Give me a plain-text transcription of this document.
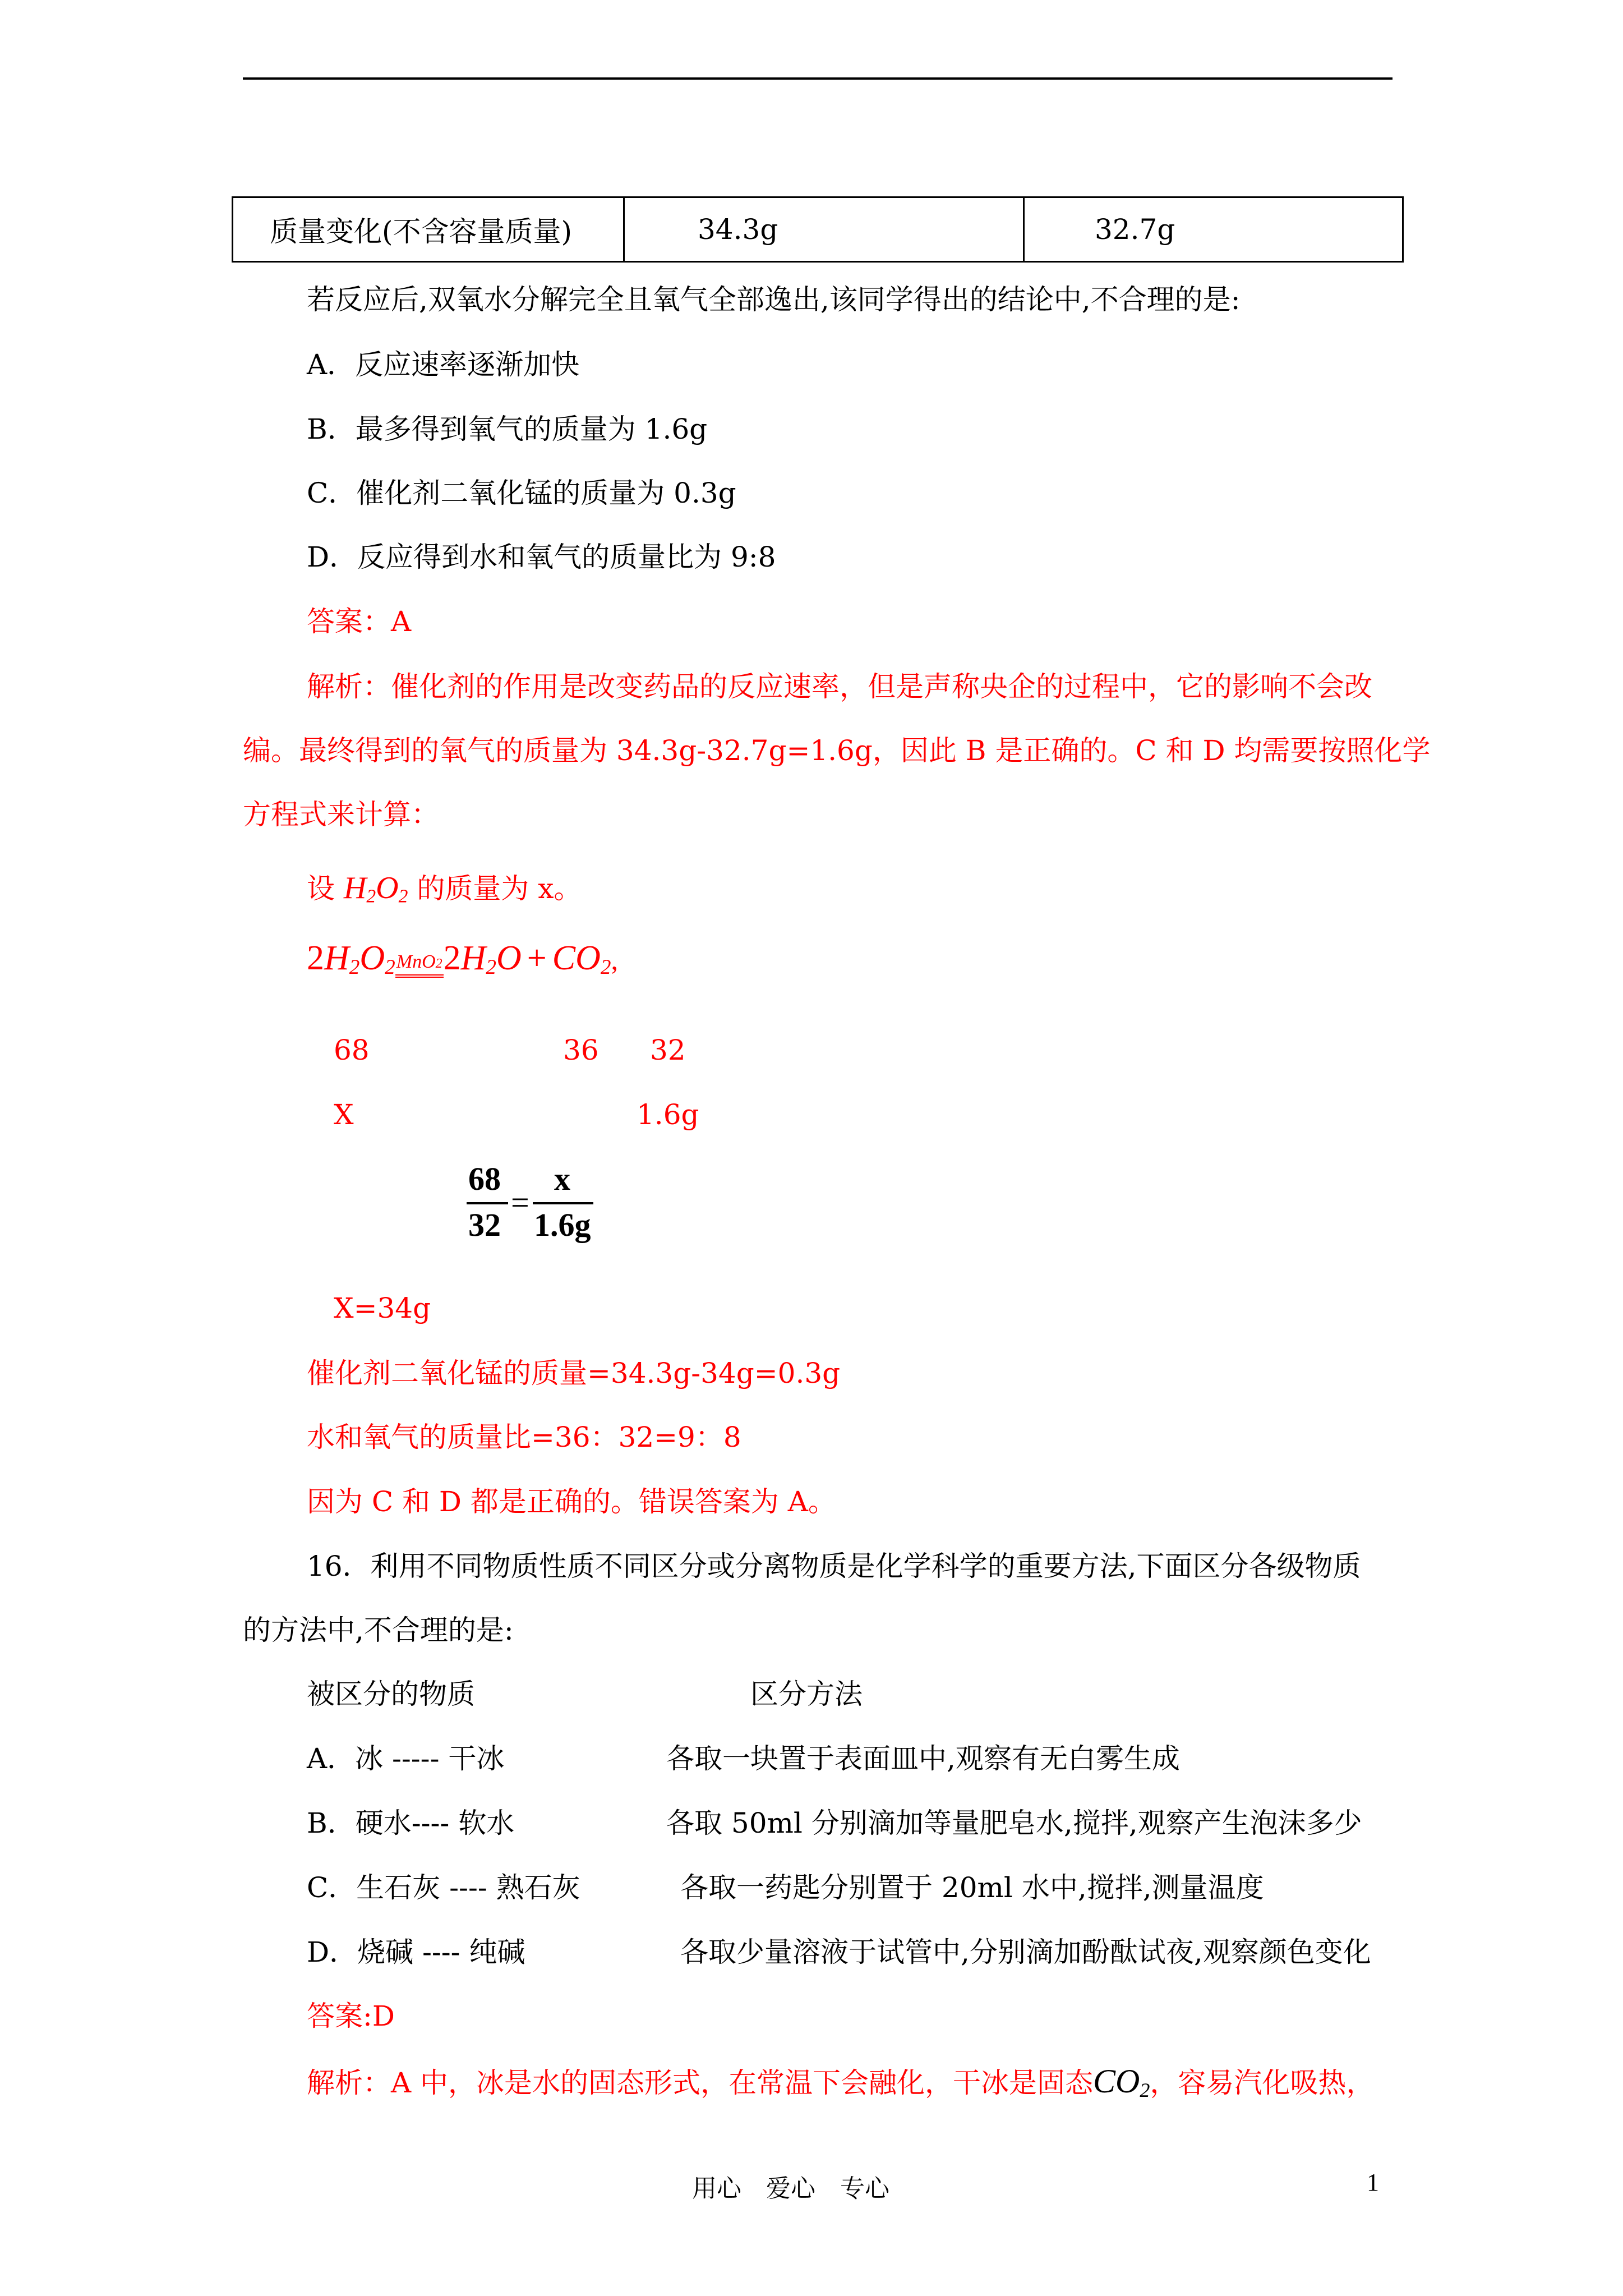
质量变化(不含容量质量)	34.3g	32.7g
若反应后,双氧水分解完全且氧气全部逸出,该同学得出的结论中,不合理的是:
A．反应速率逐渐加快
B．最多得到氧气的质量为 1.6g
C．催化剂二氧化锰的质量为 0.3g
D．反应得到水和氧气的质量比为 9:8
答案：A
解析：催化剂的作用是改变药品的反应速率，但是声称央企的过程中，它的影响不会改
编。最终得到的氧气的质量为 34.3g-32.7g=1.6g，因此 B 是正确的。C 和 D 均需要按照化学
方程式来计算：
设 $H_2O_2$ 的质量为 x。
$2H_2O_2MnO22H_2O + CO_2$,
68	36 32
X	1.6g
68
32
=
x
1.6g
X=34g
催化剂二氧化锰的质量=34.3g-34g=0.3g
水和氧气的质量比=36：32=9：8
因为 C 和 D 都是正确的。错误答案为 A。
16．利用不同物质性质不同区分或分离物质是化学科学的重要方法,下面区分各级物质
的方法中,不合理的是:
被区分的物质	区分方法
A．冰 ----- 干冰	各取一块置于表面皿中,观察有无白雾生成
B．硬水---- 软水	各取 50ml 分别滴加等量肥皂水,搅拌,观察产生泡沫多少
C．生石灰 ---- 熟石灰	各取一药匙分别置于 20ml 水中,搅拌,测量温度
D．烧碱 ---- 纯碱	各取少量溶液于试管中,分别滴加酚酞试夜,观察颜色变化
答案:D
解析：A 中，冰是水的固态形式，在常温下会融化，干冰是固态$CO_2$，容易汽化吸热，
用心　爱心　专心	1
